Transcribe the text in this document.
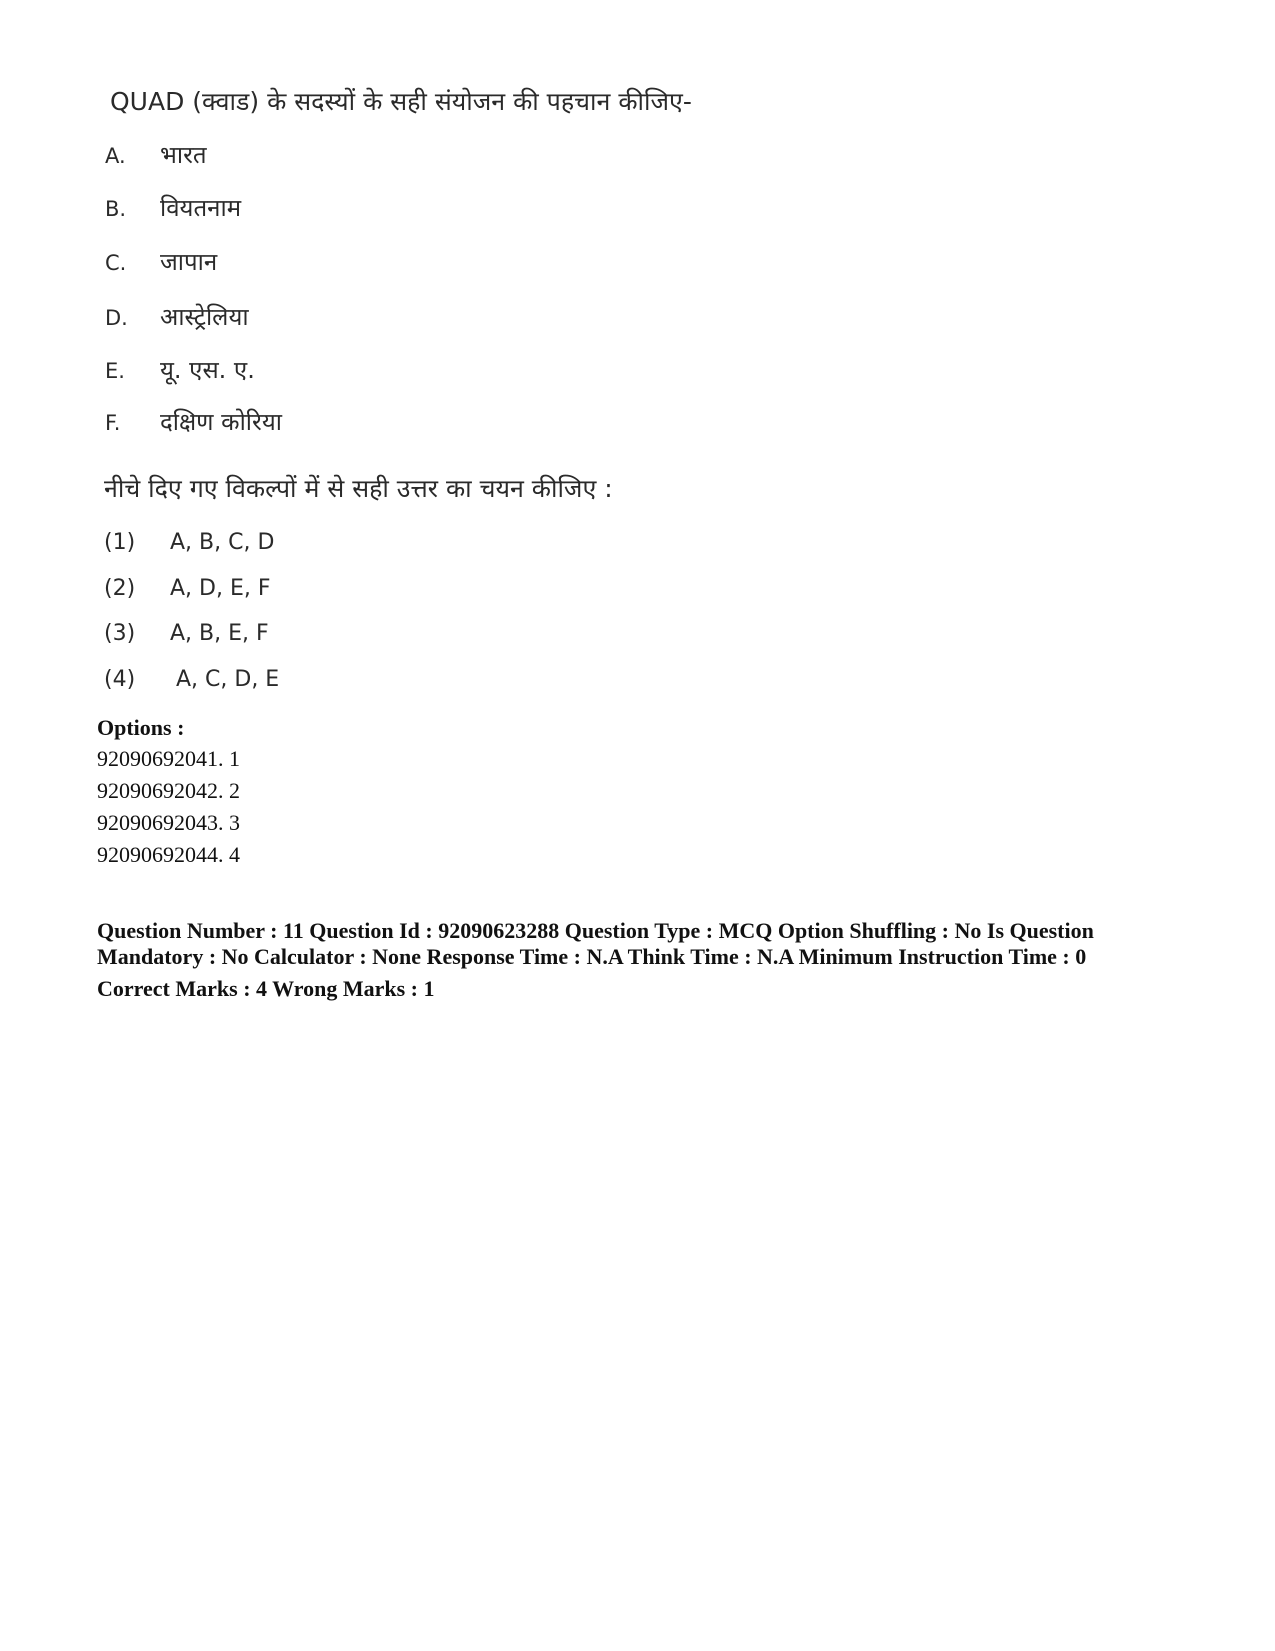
QUAD (क्वाड) के सदस्यों के सही संयोजन की पहचान कीजिए-
A. भारत
B. वियतनाम
C. जापान
D. आस्ट्रेलिया
E. यू. एस. ए.
F. दक्षिण कोरिया
नीचे दिए गए विकल्पों में से सही उत्तर का चयन कीजिए :
(1) A, B, C, D
(2) A, D, E, F
(3) A, B, E, F
(4) A, C, D, E
Options :
92090692041. 1
92090692042. 2
92090692043. 3
92090692044. 4
Question Number : 11 Question Id : 92090623288 Question Type : MCQ Option Shuffling : No Is Question Mandatory : No Calculator : None Response Time : N.A Think Time : N.A Minimum Instruction Time : 0
Correct Marks : 4 Wrong Marks : 1
